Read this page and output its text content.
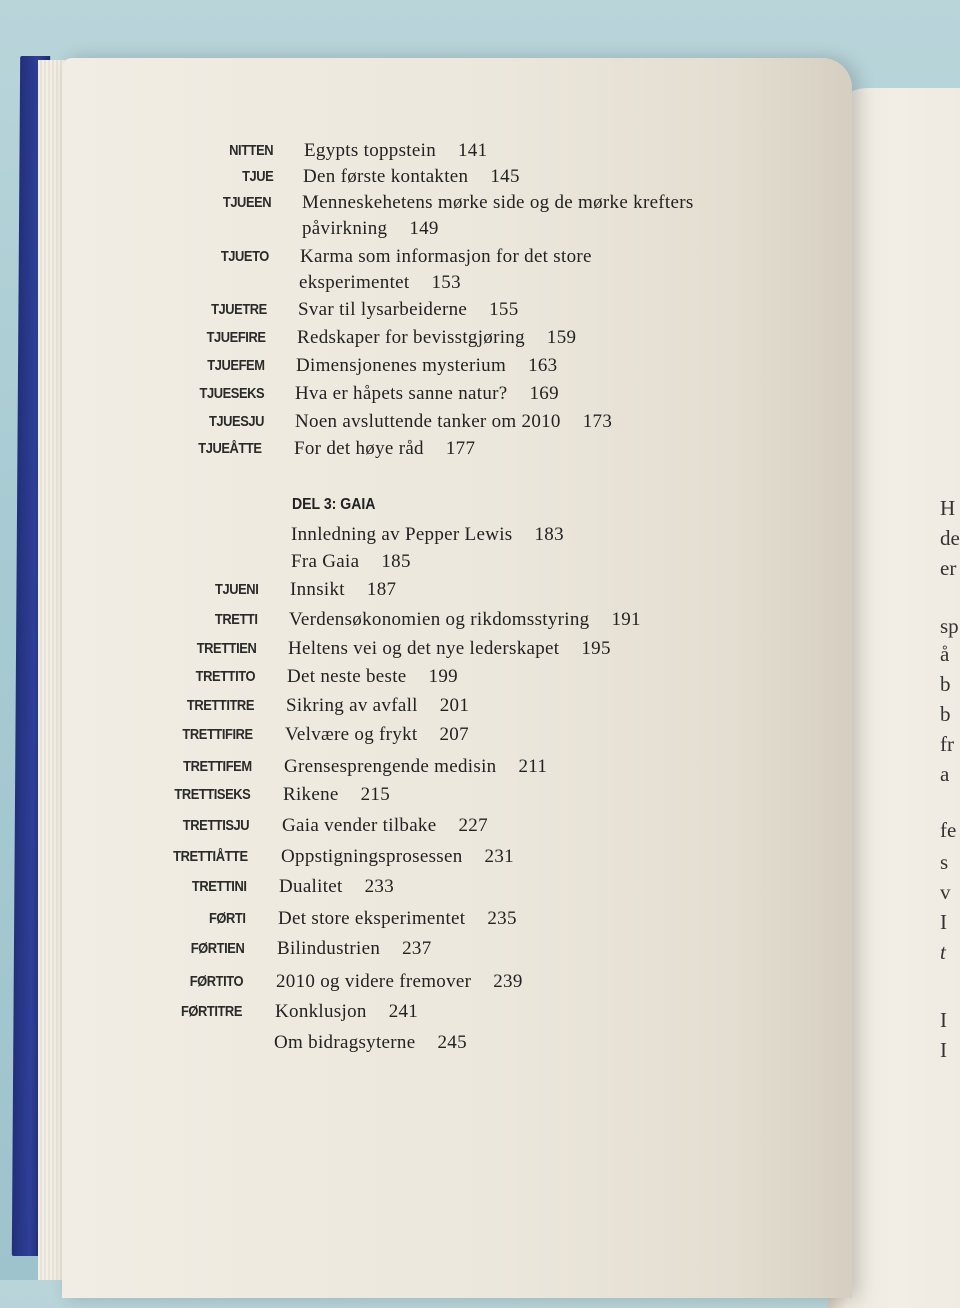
NITTEN Egypts toppstein 141
TJUE Den første kontakten 145
TJUEEN Menneskehetens mørke side og de mørke krefters
påvirkning 149
TJUETO Karma som informasjon for det store
eksperimentet 153
TJUETRE Svar til lysarbeiderne 155
TJUEFIRE Redskaper for bevisstgjøring 159
TJUEFEM Dimensjonenes mysterium 163
TJUESEKS Hva er håpets sanne natur? 169
TJUESJU Noen avsluttende tanker om 2010 173
TJUEÅTTE For det høye råd 177
DEL 3: GAIA
Innledning av Pepper Lewis 183
Fra Gaia 185
TJUENI Innsikt 187
TRETTI Verdensøkonomien og rikdomsstyring 191
TRETTIEN Heltens vei og det nye lederskapet 195
TRETTITO Det neste beste 199
TRETTITRE Sikring av avfall 201
TRETTIFIRE Velvære og frykt 207
TRETTIFEM Grensesprengende medisin 211
TRETTISEKS Rikene 215
TRETTISJU Gaia vender tilbake 227
TRETTIÅTTE Oppstigningsprosessen 231
TRETTINI Dualitet 233
FØRTI Det store eksperimentet 235
FØRTIEN Bilindustrien 237
FØRTITO 2010 og videre fremover 239
FØRTITRE Konklusjon 241
Om bidragsyterne 245
H
de
er
sp
å
b
b
fr
a
fe
s
v
I
t
I
I
